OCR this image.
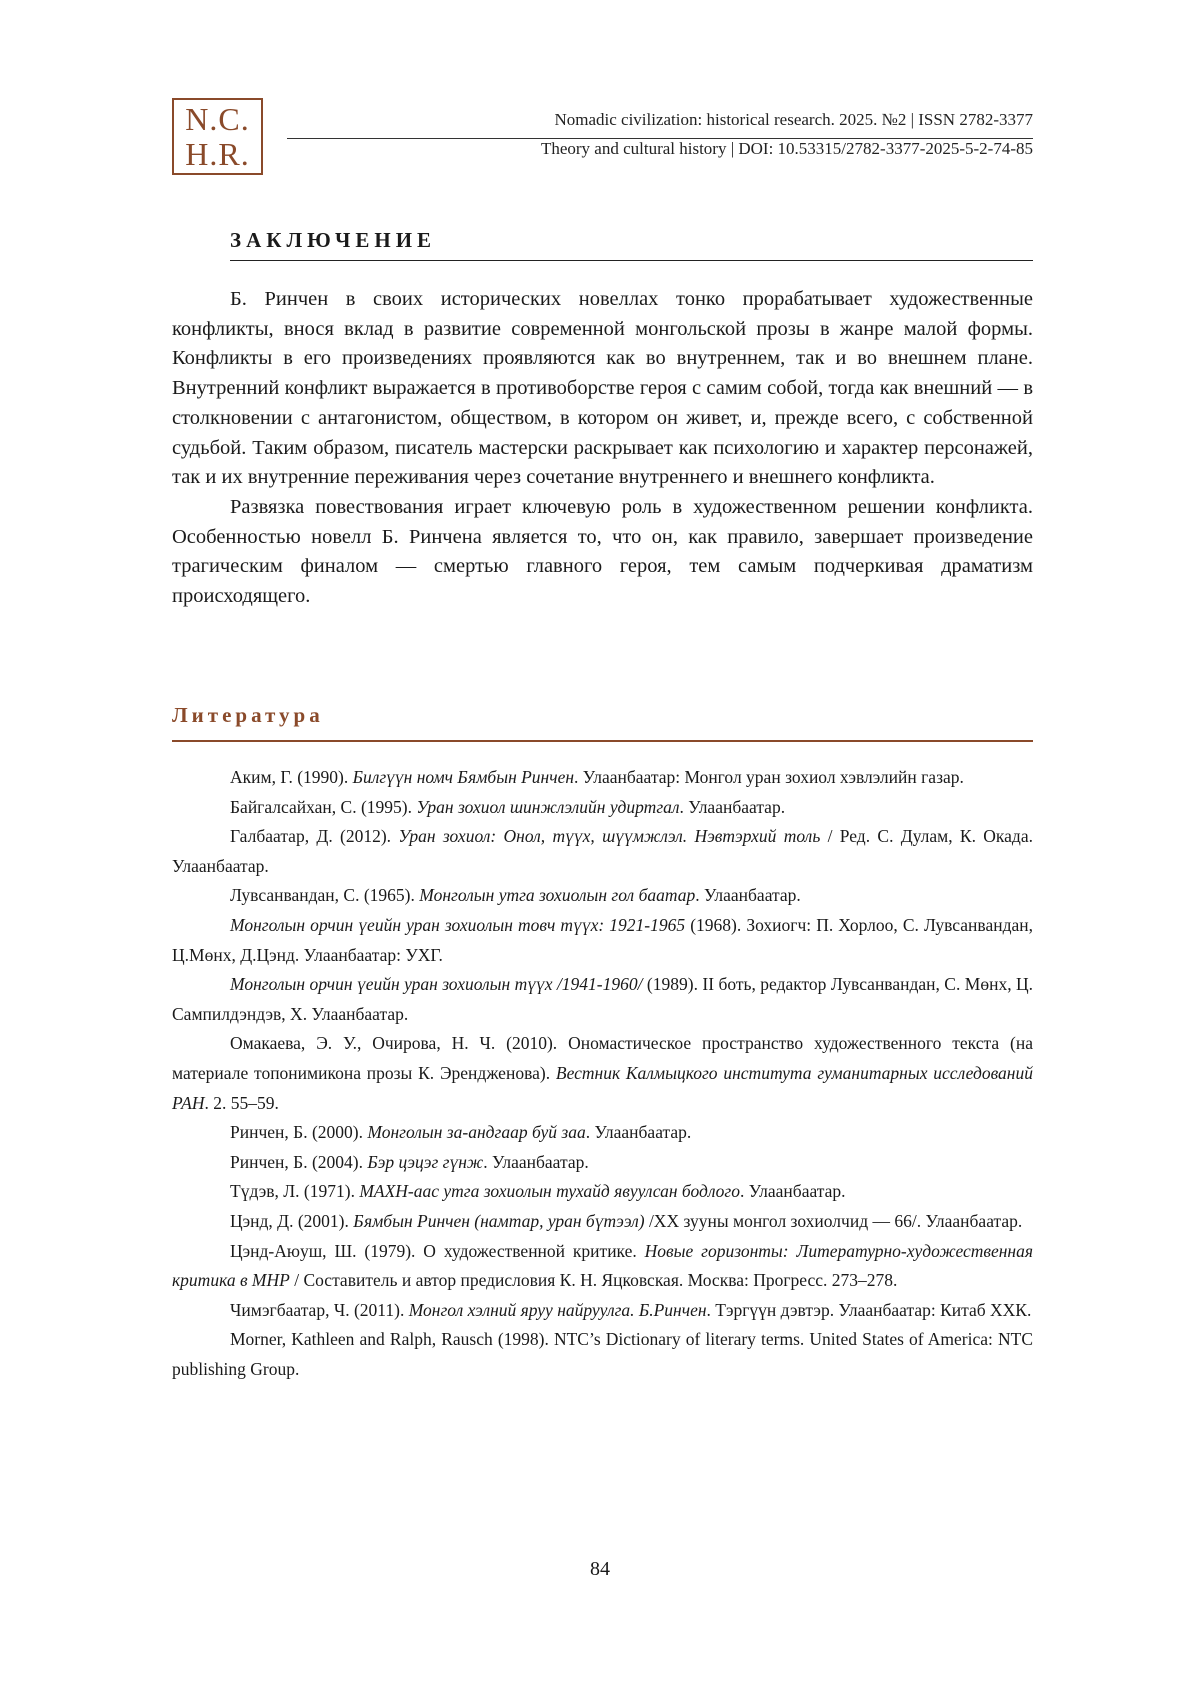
N.C.
H.R.
Nomadic civilization: historical research. 2025. №2 | ISSN 2782-3377
Theory and cultural history | DOI: 10.53315/2782-3377-2025-5-2-74-85
ЗАКЛЮЧЕНИЕ

Б. Ринчен в своих исторических новеллах тонко прорабатывает художественные конфликты, внося вклад в развитие современной монгольской прозы в жанре малой формы. Конфликты в его произведениях проявляются как во внутреннем, так и во внешнем плане. Внутренний конфликт выражается в противоборстве героя с самим собой, тогда как внешний — в столкновении с антагонистом, обществом, в котором он живет, и, прежде всего, с собственной судьбой. Таким образом, писатель мастерски раскрывает как психологию и характер персонажей, так и их внутренние переживания через сочетание внутреннего и внешнего конфликта.

Развязка повествования играет ключевую роль в художественном решении конфликта. Особенностью новелл Б. Ринчена является то, что он, как правило, завершает произведение трагическим финалом — смертью главного героя, тем самым подчеркивая драматизм происходящего.

Литература

Аким, Г. (1990). Билгүүн номч Бямбын Ринчен. Улаанбаатар: Монгол уран зохиол хэвлэлийн газар.

Байгалсайхан, С. (1995). Уран зохиол шинжлэлийн удиртгал. Улаанбаатар.

Галбаатар, Д. (2012). Уран зохиол: Онол, түүх, шүүмжлэл. Нэвтэрхий толь / Ред. С. Дулам, К. Окада. Улаанбаатар.

Лувсанвандан, С. (1965). Монголын утга зохиолын гол баатар. Улаанбаатар.

Монголын орчин үеийн уран зохиолын товч түүх: 1921-1965 (1968). Зохиогч: П. Хорлоо, С. Лувсанвандан, Ц.Мөнх, Д.Цэнд. Улаанбаатар: УХГ.

Монголын орчин үеийн уран зохиолын түүх /1941-1960/ (1989). II боть, редактор Лувсанвандан, С. Мөнх, Ц. Сампилдэндэв, Х. Улаанбаатар.

Омакаева, Э. У., Очирова, Н. Ч. (2010). Ономастическое пространство художественного текста (на материале топонимикона прозы К. Эрендженова). Вестник Калмыцкого института гуманитарных исследований РАН. 2. 55–59.

Ринчен, Б. (2000). Монголын за-андгаар буй заа. Улаанбаатар.

Ринчен, Б. (2004). Бэр цэцэг гүнж. Улаанбаатар.

Түдэв, Л. (1971). МАХН-аас утга зохиолын тухайд явуулсан бодлого. Улаанбаатар.

Цэнд, Д. (2001). Бямбын Ринчен (намтар, уран бүтээл) /XX зууны монгол зохиолчид — 66/. Улаанбаатар.

Цэнд-Аюуш, Ш. (1979). О художественной критике. Новые горизонты: Литературно-художественная критика в МНР / Составитель и автор предисловия К. Н. Яцковская. Москва: Прогресс. 273–278.

Чимэгбаатар, Ч. (2011). Монгол хэлний яруу найруулга. Б.Ринчен. Тэргүүн дэвтэр. Улаанбаатар: Китаб ХХК.

Morner, Kathleen and Ralph, Rausch (1998). NTC’s Dictionary of literary terms. United States of America: NTC publishing Group.

84
